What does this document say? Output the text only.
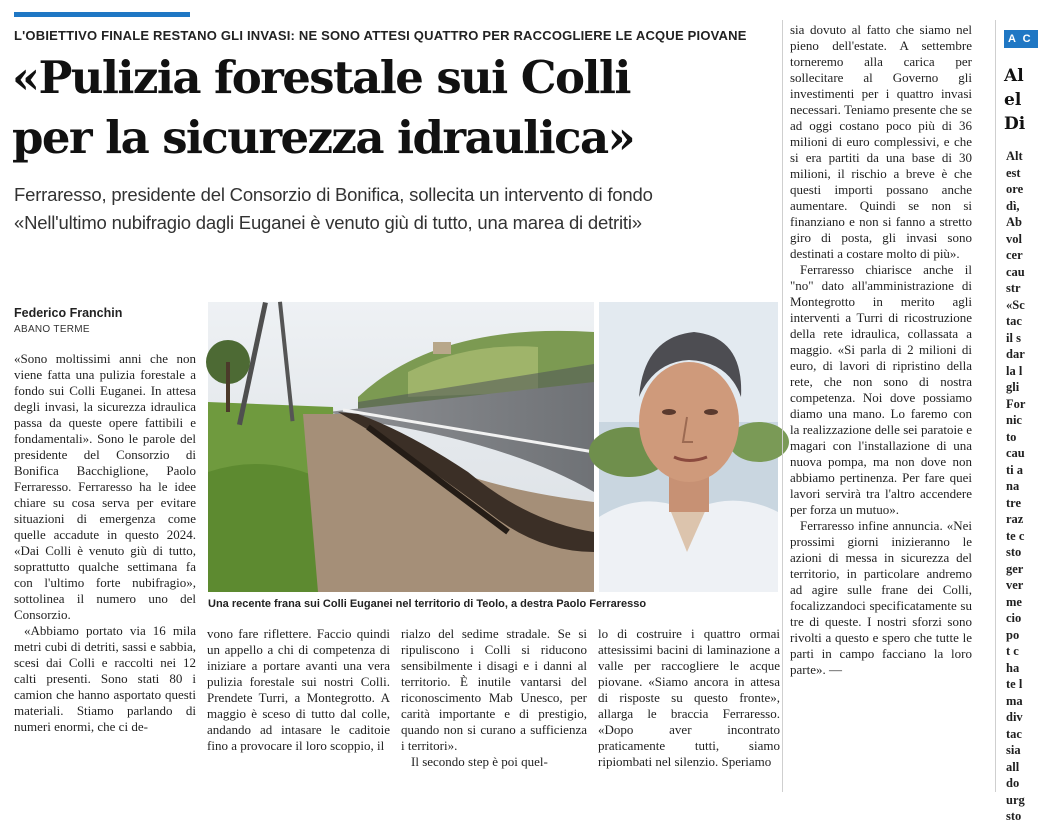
L'OBIETTIVO FINALE RESTANO GLI INVASI: NE SONO ATTESI QUATTRO PER RACCOGLIERE LE ACQUE PIOVANE
«Pulizia forestale sui Colli
per la sicurezza idraulica»
Ferraresso, presidente del Consorzio di Bonifica, sollecita un intervento di fondo
«Nell'ultimo nubifragio dagli Euganei è venuto giù di tutto, una marea di detriti»
Federico Franchin
ABANO TERME

«Sono moltissimi anni che non viene fatta una pulizia forestale a fondo sui Colli Euganei. In attesa degli invasi, la sicurezza idraulica passa da queste opere fattibili e fondamentali». Sono le parole del presidente del Consorzio di Bonifica Bacchiglione, Paolo Ferraresso. Ferraresso ha le idee chiare su cosa serva per evitare situazioni di emergenza come quelle accadute in questo 2024. «Dai Colli è venuto giù di tutto, soprattutto qualche settimana fa con l'ultimo forte nubifragio», sottolinea il numero uno del Consorzio.

«Abbiamo portato via 16 mila metri cubi di detriti, sassi e sabbia, scesi dai Colli e raccolti nei 12 calti presenti. Sono stati 80 i camion che hanno asportato questi materiali. Stiamo parlando di numeri enormi, che ci de-

Una recente frana sui Colli Euganei nel territorio di Teolo, a destra Paolo Ferraresso

vono fare riflettere. Faccio quindi un appello a chi di competenza di iniziare a portare avanti una vera pulizia forestale sui nostri Colli. Prendete Turri, a Montegrotto. A maggio è sceso di tutto dal colle, andando ad intasare le caditoie fino a provocare il loro scoppio, il

rialzo del sedime stradale. Se si ripuliscono i Colli si riducono sensibilmente i disagi e i danni al territorio. È inutile vantarsi del riconoscimento Mab Unesco, per carità importante e di prestigio, quando non si curano a sufficienza i territori».

Il secondo step è poi quel-

lo di costruire i quattro ormai attesissimi bacini di laminazione a valle per raccogliere le acque piovane. «Siamo ancora in attesa di risposte su questo fronte», allarga le braccia Ferraresso. «Dopo aver incontrato praticamente tutti, siamo ripiombati nel silenzio. Speriamo

sia dovuto al fatto che siamo nel pieno dell'estate. A settembre torneremo alla carica per sollecitare al Governo gli investimenti per i quattro invasi necessari. Teniamo presente che se ad oggi costano poco più di 36 milioni di euro complessivi, e che si era partiti da una base di 30 milioni, il rischio a breve è che questi importi possano anche aumentare. Quindi se non si finanziano e non si fanno a stretto giro di posta, gli invasi sono destinati a costare molto di più».

Ferraresso chiarisce anche il "no" dato all'amministrazione di Montegrotto in merito agli interventi a Turri di ricostruzione della rete idraulica, collassata a maggio. «Si parla di 2 milioni di euro, di lavori di ripristino della rete, che non sono di nostra competenza. Noi dove possiamo diamo una mano. Lo faremo con la realizzazione delle sei paratoie e magari con l'installazione di una nuova pompa, ma non dove non abbiamo pertinenza. Per fare quei lavori servirà tra l'altro accendere per forza un mutuo».

Ferraresso infine annuncia. «Nei prossimi giorni inizieranno le azioni di messa in sicurezza del territorio, in particolare andremo ad agire sulle frane dei Colli, focalizzandoci specificatamente su tre di queste. I nostri sforzi sono rivolti a questo e spero che tutte le parti in campo facciano la loro parte». —

A C
Al
el
Di
Alt
est
ore
dì,
Ab
vol
cer
cau
str
«Sc
tac
il s
dar
la l
gli
For
nic
to
cau
ti a
na
tre
raz
te c
sto
ger
ver
me
cio
po
t c
ha
te l
ma
div
tac
sia
all
do
urg
sto
